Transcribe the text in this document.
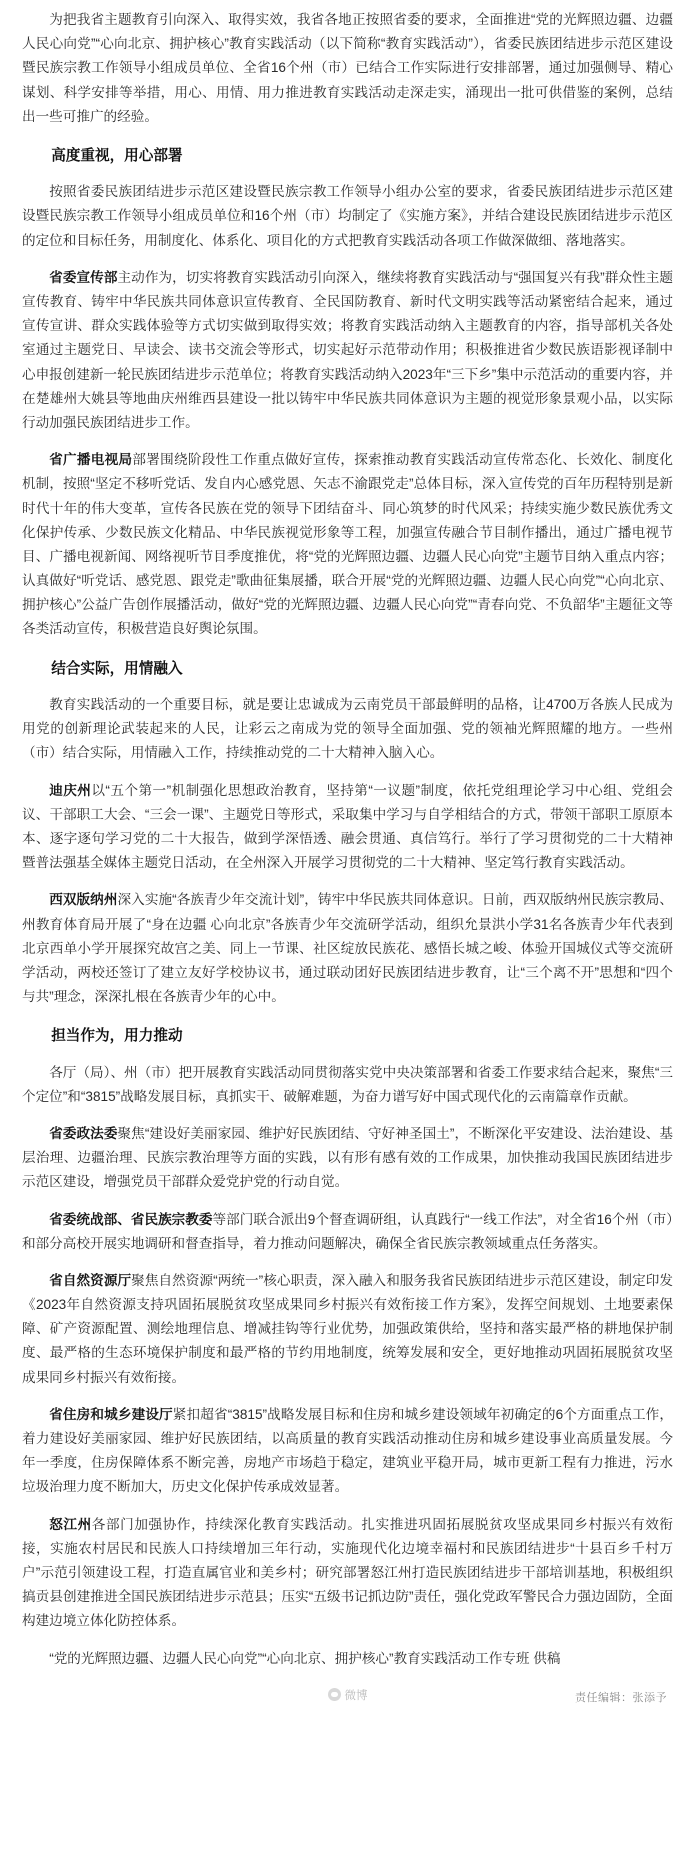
为把我省主题教育引向深入、取得实效，我省各地正按照省委的要求，全面推进“党的光辉照边疆、边疆人民心向党”“心向北京、拥护核心”教育实践活动（以下简称“教育实践活动”），省委民族团结进步示范区建设暨民族宗教工作领导小组成员单位、全省16个州（市）已结合工作实际进行安排部署，通过加强侧导、精心谋划、科学安排等举措，用心、用情、用力推进教育实践活动走深走实，涌现出一批可供借鉴的案例，总结出一些可推广的经验。

高度重视，用心部署

按照省委民族团结进步示范区建设暨民族宗教工作领导小组办公室的要求，省委民族团结进步示范区建设暨民族宗教工作领导小组成员单位和16个州（市）均制定了《实施方案》，并结合建设民族团结进步示范区的定位和目标任务，用制度化、体系化、项目化的方式把教育实践活动各项工作做深做细、落地落实。

省委宣传部主动作为，切实将教育实践活动引向深入，继续将教育实践活动与“强国复兴有我”群众性主题宣传教育、铸牢中华民族共同体意识宣传教育、全民国防教育、新时代文明实践等活动紧密结合起来，通过宣传宣讲、群众实践体验等方式切实做到取得实效；将教育实践活动纳入主题教育的内容，指导部机关各处室通过主题党日、早读会、读书交流会等形式，切实起好示范带动作用；积极推进省少数民族语影视译制中心申报创建新一轮民族团结进步示范单位；将教育实践活动纳入2023年“三下乡”集中示范活动的重要内容，并在楚雄州大姚县等地曲庆州维西县建设一批以铸牢中华民族共同体意识为主题的视觉形象景观小品，以实际行动加强民族团结进步工作。

省广播电视局部署围绕阶段性工作重点做好宣传，探索推动教育实践活动宣传常态化、长效化、制度化机制，按照“坚定不移听党话、发自内心感党恩、矢志不渝跟党走”总体目标，深入宣传党的百年历程特别是新时代十年的伟大变革，宣传各民族在党的领导下团结奋斗、同心筑梦的时代风采；持续实施少数民族优秀文化保护传承、少数民族文化精品、中华民族视觉形象等工程，加强宣传融合节目制作播出，通过广播电视节目、广播电视新闻、网络视听节目季度推优，将“党的光辉照边疆、边疆人民心向党”主题节目纳入重点内容；认真做好“听党话、感党恩、跟党走”歌曲征集展播，联合开展“党的光辉照边疆、边疆人民心向党”“心向北京、拥护核心”公益广告创作展播活动，做好“党的光辉照边疆、边疆人民心向党”“青春向党、不负韶华”主题征文等各类活动宣传，积极营造良好舆论氛围。

结合实际，用情融入

教育实践活动的一个重要目标，就是要让忠诚成为云南党员干部最鲜明的品格，让4700万各族人民成为用党的创新理论武装起来的人民，让彩云之南成为党的领导全面加强、党的领袖光辉照耀的地方。一些州（市）结合实际，用情融入工作，持续推动党的二十大精神入脑入心。

迪庆州以“五个第一”机制强化思想政治教育，坚持第“一议题”制度，依托党组理论学习中心组、党组会议、干部职工大会、“三会一课”、主题党日等形式，采取集中学习与自学相结合的方式，带领干部职工原原本本、逐字逐句学习党的二十大报告，做到学深悟透、融会贯通、真信笃行。举行了学习贯彻党的二十大精神暨普法强基全媒体主题党日活动，在全州深入开展学习贯彻党的二十大精神、坚定笃行教育实践活动。

西双版纳州深入实施“各族青少年交流计划”，铸牢中华民族共同体意识。日前，西双版纳州民族宗教局、州教育体育局开展了“身在边疆 心向北京”各族青少年交流研学活动，组织允景洪小学31名各族青少年代表到北京西单小学开展探究故宫之美、同上一节课、社区绽放民族花、感悟长城之峻、体验开国城仪式等交流研学活动，两校还签订了建立友好学校协议书，通过联动团好民族团结进步教育，让“三个离不开”思想和“四个与共”理念，深深扎根在各族青少年的心中。

担当作为，用力推动

各厅（局）、州（市）把开展教育实践活动同贯彻落实党中央决策部署和省委工作要求结合起来，聚焦“三个定位”和“3815”战略发展目标，真抓实干、破解难题，为奋力谱写好中国式现代化的云南篇章作贡献。

省委政法委聚焦“建设好美丽家园、维护好民族团结、守好神圣国土”，不断深化平安建设、法治建设、基层治理、边疆治理、民族宗教治理等方面的实践，以有形有感有效的工作成果，加快推动我国民族团结进步示范区建设，增强党员干部群众爱党护党的行动自觉。

省委统战部、省民族宗教委等部门联合派出9个督查调研组，认真践行“一线工作法”，对全省16个州（市）和部分高校开展实地调研和督查指导，着力推动问题解决，确保全省民族宗教领域重点任务落实。

省自然资源厅聚焦自然资源“两统一”核心职责，深入融入和服务我省民族团结进步示范区建设，制定印发《2023年自然资源支持巩固拓展脱贫攻坚成果同乡村振兴有效衔接工作方案》，发挥空间规划、土地要素保障、矿产资源配置、测绘地理信息、增减挂钩等行业优势，加强政策供给，坚持和落实最严格的耕地保护制度、最严格的生态环境保护制度和最严格的节约用地制度，统筹发展和安全，更好地推动巩固拓展脱贫攻坚成果同乡村振兴有效衔接。

省住房和城乡建设厅紧扣超省“3815”战略发展目标和住房和城乡建设领域年初确定的6个方面重点工作，着力建设好美丽家园、维护好民族团结，以高质量的教育实践活动推动住房和城乡建设事业高质量发展。今年一季度，住房保障体系不断完善，房地产市场趋于稳定，建筑业平稳开局，城市更新工程有力推进，污水垃圾治理力度不断加大，历史文化保护传承成效显著。

怒江州各部门加强协作，持续深化教育实践活动。扎实推进巩固拓展脱贫攻坚成果同乡村振兴有效衔接，实施农村居民和民族人口持续增加三年行动，实施现代化边境幸福村和民族团结进步“十县百乡千村万户”示范引领建设工程，打造直属官业和美乡村；研究部署怒江州打造民族团结进步干部培训基地，积极组织搞贡县创建推进全国民族团结进步示范县；压实“五级书记抓边防”责任，强化党政军警民合力强边固防，全面构建边境立体化防控体系。

“党的光辉照边疆、边疆人民心向党”“心向北京、拥护核心”教育实践活动工作专班 供稿

微博	责任编辑：张添予
